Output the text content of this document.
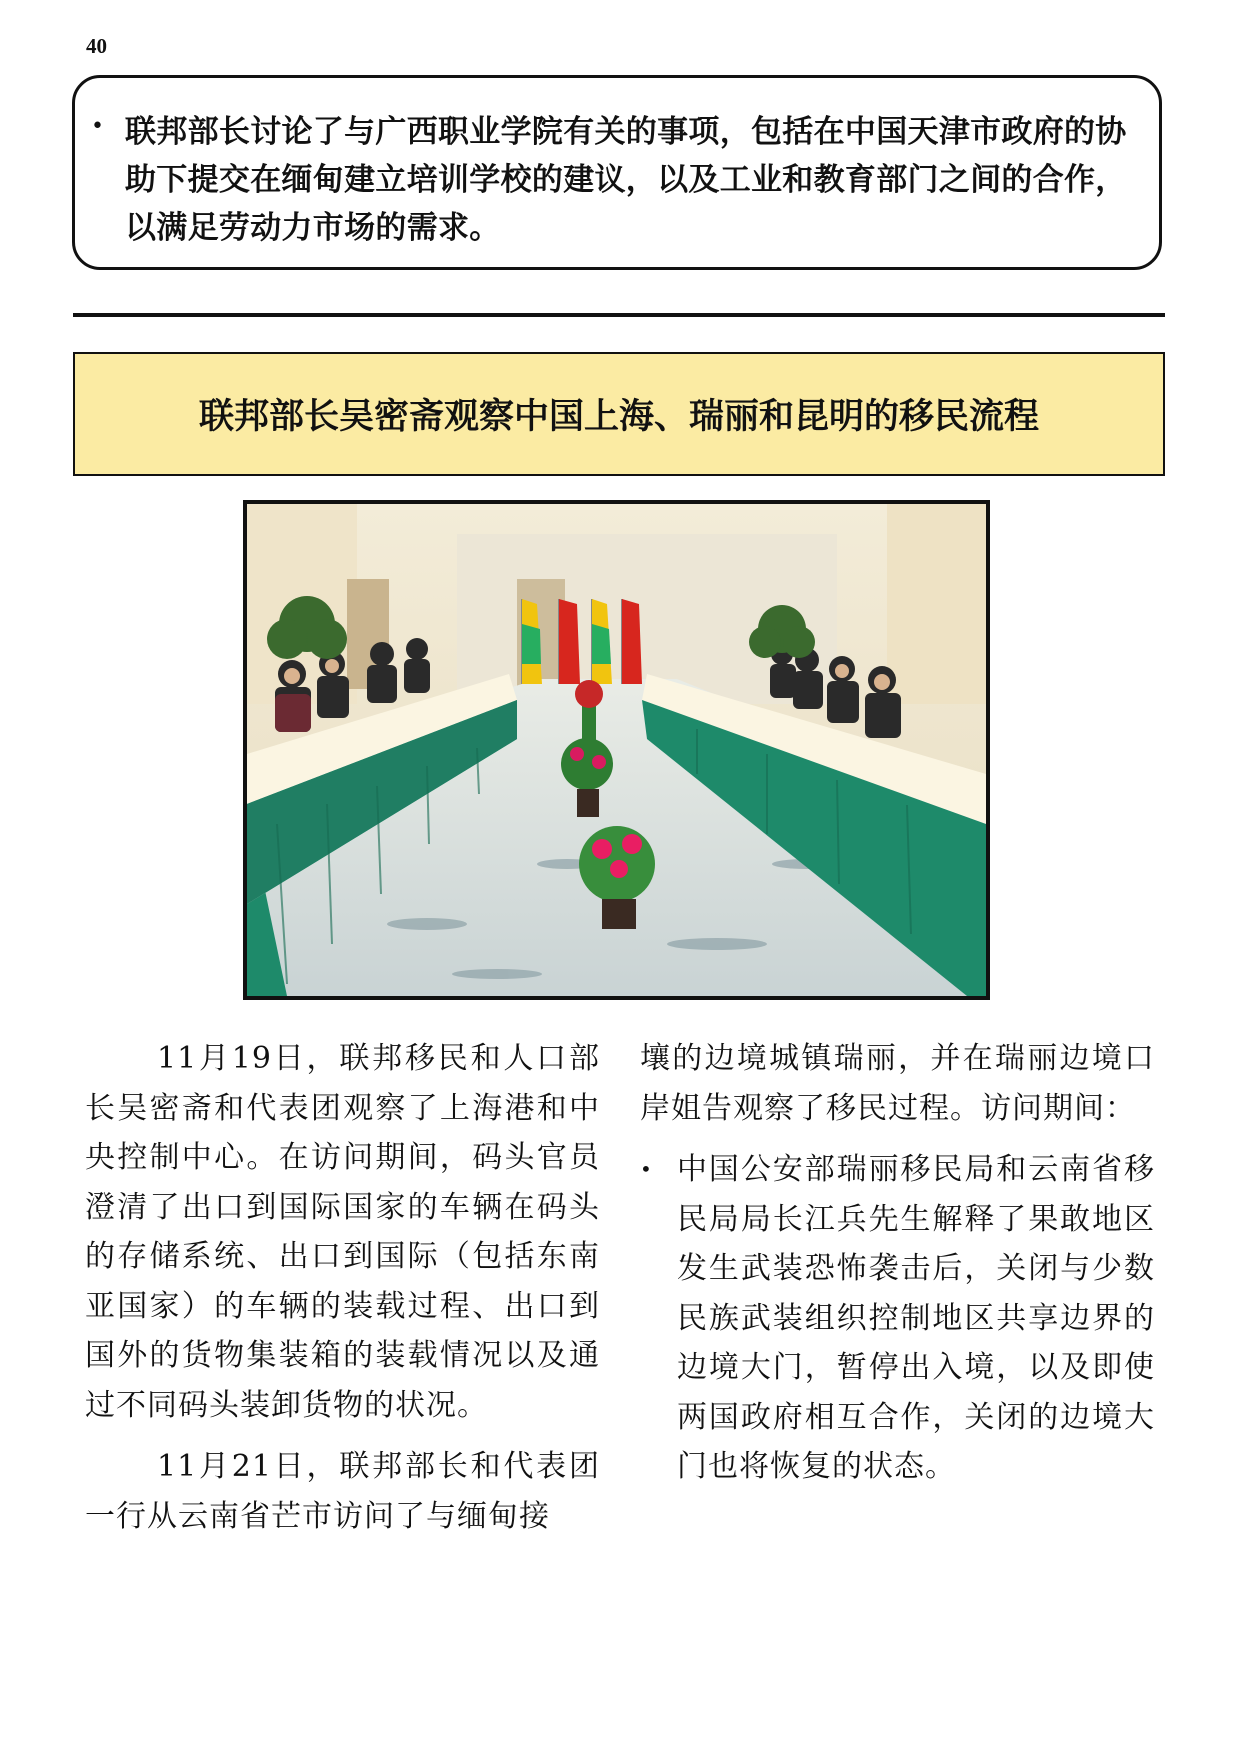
40
• 联邦部长讨论了与广西职业学院有关的事项，包括在中国天津市政府的协助下提交在缅甸建立培训学校的建议，以及工业和教育部门之间的合作，以满足劳动力市场的需求。

联邦部长吴密斋观察中国上海、瑞丽和昆明的移民流程

11月19日，联邦移民和人口部长吴密斋和代表团观察了上海港和中央控制中心。在访问期间，码头官员澄清了出口到国际国家的车辆在码头的存储系统、出口到国际（包括东南亚国家）的车辆的装载过程、出口到国外的货物集装箱的装载情况以及通过不同码头装卸货物的状况。

11月21日，联邦部长和代表团一行从云南省芒市访问了与缅甸接

壤的边境城镇瑞丽，并在瑞丽边境口岸姐告观察了移民过程。访问期间：

• 中国公安部瑞丽移民局和云南省移民局局长江兵先生解释了果敢地区发生武装恐怖袭击后，关闭与少数民族武装组织控制地区共享边界的边境大门，暂停出入境，以及即使两国政府相互合作，关闭的边境大门也将恢复的状态。
